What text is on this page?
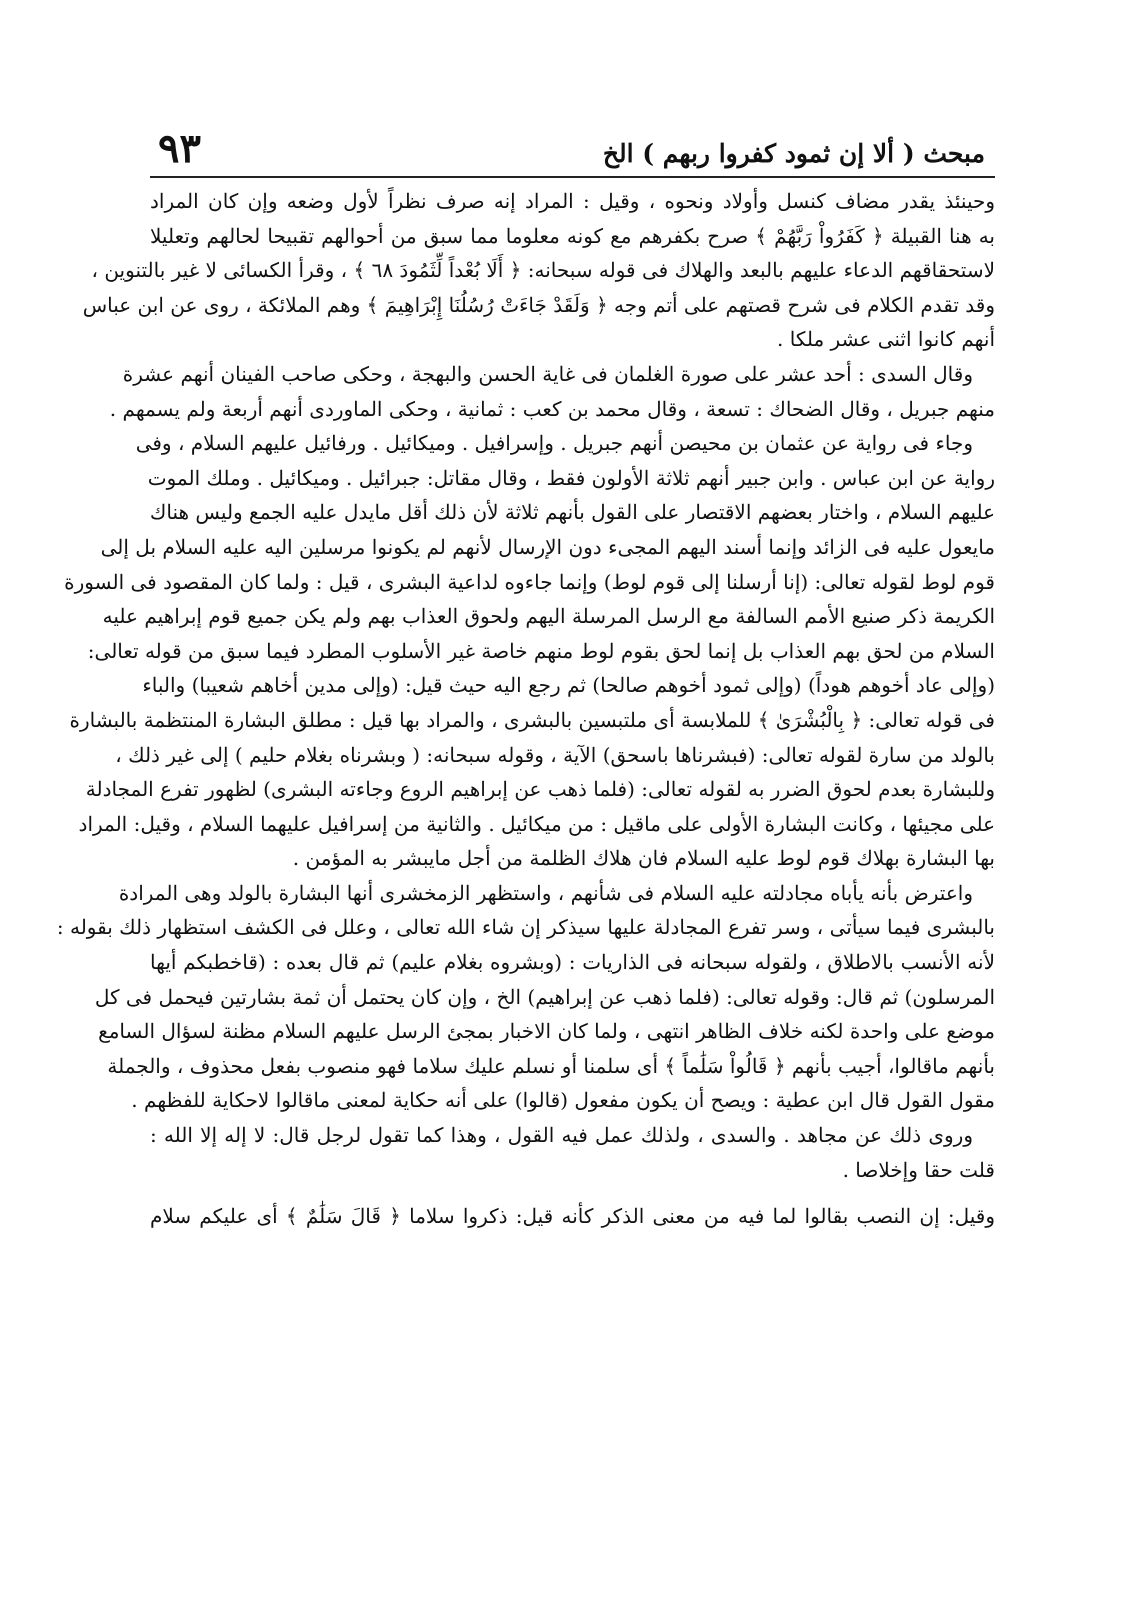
مبحث ( ألا إن ثمود كفروا ربهم ) الخ
٩٣
وحينئذ يقدر مضاف كنسل وأولاد ونحوه ، وقيل : المراد إنه صرف نظراً لأول وضعه وإن كان المراد
به هنا القبيلة ﴿ كَفَرُواْ رَبَّهُمْ ﴾ صرح بكفرهم مع كونه معلوما مما سبق من أحوالهم تقبيحا لحالهم وتعليلا
لاستحقاقهم الدعاء عليهم بالبعد والهلاك فى قوله سبحانه: ﴿ أَلَا بُعْداً لِّثَمُودَ ٦٨ ﴾ ، وقرأ الكسائى لا غير بالتنوين ،
وقد تقدم الكلام فى شرح قصتهم على أتم وجه ﴿ وَلَقَدْ جَاءَتْ رُسُلُنَا إِبْرَاهِيمَ ﴾ وهم الملائكة ، روى عن ابن عباس
أنهم كانوا اثنى عشر ملكا .
وقال السدى : أحد عشر على صورة الغلمان فى غاية الحسن والبهجة ، وحكى صاحب الفينان أنهم عشرة
منهم جبريل ، وقال الضحاك : تسعة ، وقال محمد بن كعب : ثمانية ، وحكى الماوردى أنهم أربعة ولم يسمهم .
وجاء فى رواية عن عثمان بن محيصن أنهم جبريل . وإسرافيل . وميكائيل . ورفائيل عليهم السلام ، وفى
رواية عن ابن عباس . وابن جبير أنهم ثلاثة الأولون فقط ، وقال مقاتل: جبرائيل . وميكائيل . وملك الموت
عليهم السلام ، واختار بعضهم الاقتصار على القول بأنهم ثلاثة لأن ذلك أقل مايدل عليه الجمع وليس هناك
مايعول عليه فى الزائد وإنما أسند اليهم المجىء دون الإرسال لأنهم لم يكونوا مرسلين اليه عليه السلام بل إلى
قوم لوط لقوله تعالى: (إنا أرسلنا إلى قوم لوط) وإنما جاءوه لداعية البشرى ، قيل : ولما كان المقصود فى السورة
الكريمة ذكر صنيع الأمم السالفة مع الرسل المرسلة اليهم ولحوق العذاب بهم ولم يكن جميع قوم إبراهيم عليه
السلام من لحق بهم العذاب بل إنما لحق بقوم لوط منهم خاصة غير الأسلوب المطرد فيما سبق من قوله تعالى:
(وإلى عاد أخوهم هوداً) (وإلى ثمود أخوهم صالحا) ثم رجع اليه حيث قيل: (وإلى مدين أخاهم شعيبا) والباء
فى قوله تعالى: ﴿ بِالْبُشْرَىٰ ﴾ للملابسة أى ملتبسين بالبشرى ، والمراد بها قيل : مطلق البشارة المنتظمة بالبشارة
بالولد من سارة لقوله تعالى: (فبشرناها باسحق) الآية ، وقوله سبحانه: ( وبشرناه بغلام حليم ) إلى غير ذلك ،
وللبشارة بعدم لحوق الضرر به لقوله تعالى: (فلما ذهب عن إبراهيم الروع وجاءته البشرى) لظهور تفرع المجادلة
على مجيئها ، وكانت البشارة الأولى على ماقيل : من ميكائيل . والثانية من إسرافيل عليهما السلام ، وقيل: المراد
بها البشارة بهلاك قوم لوط عليه السلام فان هلاك الظلمة من أجل مايبشر به المؤمن .
واعترض بأنه يأباه مجادلته عليه السلام فى شأنهم ، واستظهر الزمخشرى أنها البشارة بالولد وهى المرادة
بالبشرى فيما سيأتى ، وسر تفرع المجادلة عليها سيذكر إن شاء الله تعالى ، وعلل فى الكشف استظهار ذلك بقوله :
لأنه الأنسب بالاطلاق ، ولقوله سبحانه فى الذاريات : (وبشروه بغلام عليم) ثم قال بعده : (قاخطبكم أيها
المرسلون) ثم قال: وقوله تعالى: (فلما ذهب عن إبراهيم) الخ ، وإن كان يحتمل أن ثمة بشارتين فيحمل فى كل
موضع على واحدة لكنه خلاف الظاهر انتهى ، ولما كان الاخبار بمجئ الرسل عليهم السلام مظنة لسؤال السامع
بأنهم ماقالوا، أجيب بأنهم ﴿ قَالُواْ سَلَٰماً ﴾ أى سلمنا أو نسلم عليك سلاما فهو منصوب بفعل محذوف ، والجملة
مقول القول قال ابن عطية : ويصح أن يكون مفعول (قالوا) على أنه حكاية لمعنى ماقالوا لاحكاية للفظهم .
وروى ذلك عن مجاهد . والسدى ، ولذلك عمل فيه القول ، وهذا كما تقول لرجل قال: لا إله إلا الله :
قلت حقا وإخلاصا .
وقيل: إن النصب بقالوا لما فيه من معنى الذكر كأنه قيل: ذكروا سلاما ﴿ قَالَ سَلَٰمٌ ﴾ أى عليكم سلام
